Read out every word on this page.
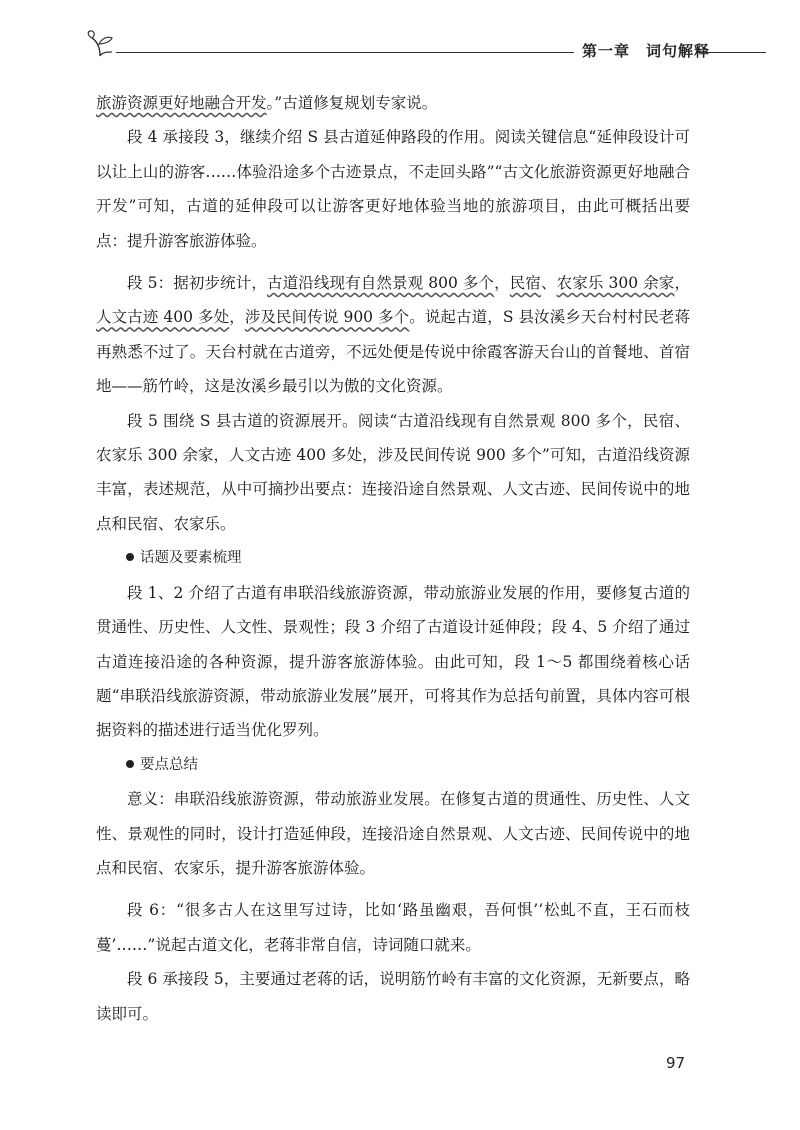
第一章　词句解释

旅游资源更好地融合开发。”古道修复规划专家说。

段 4 承接段 3，继续介绍 S 县古道延伸路段的作用。阅读关键信息“延伸段设计可以让上山的游客……体验沿途多个古迹景点，不走回头路”“古文化旅游资源更好地融合开发”可知，古道的延伸段可以让游客更好地体验当地的旅游项目，由此可概括出要点：提升游客旅游体验。

段 5：据初步统计，古道沿线现有自然景观 800 多个，民宿、农家乐 300 余家，人文古迹 400 多处，涉及民间传说 900 多个。说起古道，S 县汝溪乡天台村村民老蒋再熟悉不过了。天台村就在古道旁，不远处便是传说中徐霞客游天台山的首餐地、首宿地——筋竹岭，这是汝溪乡最引以为傲的文化资源。

段 5 围绕 S 县古道的资源展开。阅读“古道沿线现有自然景观 800 多个，民宿、农家乐 300 余家，人文古迹 400 多处，涉及民间传说 900 多个”可知，古道沿线资源丰富，表述规范，从中可摘抄出要点：连接沿途自然景观、人文古迹、民间传说中的地点和民宿、农家乐。

话题及要素梳理

段 1、2 介绍了古道有串联沿线旅游资源，带动旅游业发展的作用，要修复古道的贯通性、历史性、人文性、景观性；段 3 介绍了古道设计延伸段；段 4、5 介绍了通过古道连接沿途的各种资源，提升游客旅游体验。由此可知，段 1～5 都围绕着核心话题“串联沿线旅游资源，带动旅游业发展”展开，可将其作为总括句前置，具体内容可根据资料的描述进行适当优化罗列。

要点总结

意义：串联沿线旅游资源，带动旅游业发展。在修复古道的贯通性、历史性、人文性、景观性的同时，设计打造延伸段，连接沿途自然景观、人文古迹、民间传说中的地点和民宿、农家乐，提升游客旅游体验。

段 6：“很多古人在这里写过诗，比如‘路虽幽艰，吾何惧’‘松虬不直，王石而枝蔓’……”说起古道文化，老蒋非常自信，诗词随口就来。

段 6 承接段 5，主要通过老蒋的话，说明筋竹岭有丰富的文化资源，无新要点，略读即可。

97
